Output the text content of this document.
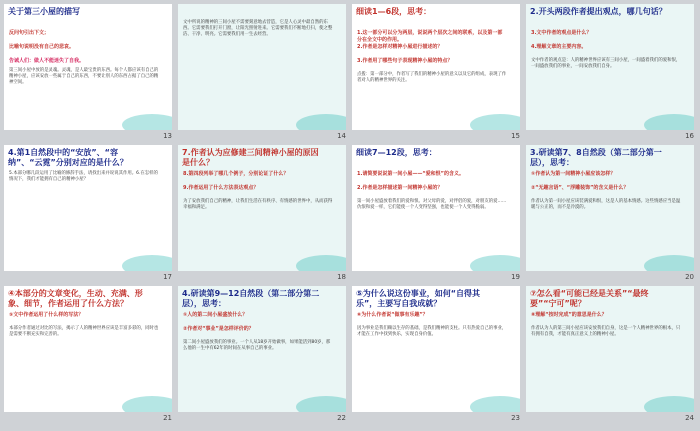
关于第三小屋的描写
反问句引出下文；
比喻句说明没有自己的悲哀。
告诫人们：做人不能迷失了自我。
第三间小屋中放的是灵魂。灵魂，是人最宝贵的东西。每个人都应该有自己的精神小屋，应该安放一些属于自己的东西，不要让别人的东西占据了自己的精神空间。
13
文中所说的精神的三间小屋不需要刻意地去营造，它是人心灵中最自然的东西。它需要我们打开门窗，让阳光照射进来。它需要我们不断地打扫，使之整洁、干净、明亮。它需要我们用一生去经营。
14
细读1—6段，思考：
1.这一部分可以分为两层，说说两个层次之间的联系，以及第一部分在全文中的作用。
2.作者是怎样对精神小屋进行描述的？
3.作者用了哪些句子表现精神小屋的特点？
点拨：第一部分中，作者写了我们的精神小屋的意义以及它的组成，表现了作者对人的精神世界的关注。
15
2.开头两段作者提出观点，哪几句话？
3.文中作者的观点是什么？
4.理解文章的主要内容。
文中作者的观点是：人的精神世界应该有三间小屋，一间盛着我们的爱和恨，一间盛放我们的事业，一间安放我们自身。
16
4.第1自然段中的“安放”、“容纳”、“云霓”分别对应的是什么？
5.本部分哪几段运用了比喻的修辞手法，请找出来并说说其作用。6.在怎样的情况下，我们才能拥有自己的精神小屋？
17
7.作者认为应修建三间精神小屋的原因是什么？
8.第四段列举了哪几个例子，分别论证了什么？
9.作者运用了什么方法表达观点？
为了安放我们自己的精神，让我们生活在有秩序、有情感的世界中，从而获得幸福和满足。
18
细读7—12段，思考：
1.请简要说说第一间小屋——“爱和恨”的含义。
2.作者是怎样描述第一间精神小屋的？
第一间小屋盛放着我们的爱和恨。对父母的爱，对伴侣的爱，对朋友的爱……仇恨和爱一样，它们能使一个人变得坚强，也能使一个人变得脆弱。
19
3.研读第7、8自然段（第二部分第一层），思考：
①作者认为第一间精神小屋应该怎样？
②“无趣言语”、“浮雕装饰”的含义是什么？
作者认为第一间小屋应该装满爱和恨，这是人的基本情感。这些情感应当是温暖与公正的，而不是冷漠的。
20
④本部分的文章变化，生动、充满、形象、细节，作者运用了什么方法？
⑤文中作者运用了什么样的写法？
本部分作者通过对比的写法，揭示了人的精神世界应该是丰富多彩的，同时也是需要不断充实和完善的。
21
4.研读第9—12自然段（第二部分第二层），思考：
①人的第二间小屋盛放什么？
②作者对“事业”是怎样评价的？
第二间小屋盛放我们的事业。一个人从18岁开始做事，如果能活到80岁，那么他的一生中有62年的时间在从事自己的事业。
22
⑤为什么说这份事业，如何“自得其乐”，主要写自我成就？
⑥为什么作者说“做事有乐趣”？
因为事业是我们赖以生存的基础，是我们精神的支柱。只有热爱自己的事业，才能在工作中找到快乐，实现自身价值。
23
⑦怎么看“可能已经是关系”“最终要”“宁可”呢？
⑧理解“按时完成”的意思是什么？
作者认为人的第三间小屋应该安放我们自身，这是一个人精神世界的根本，只有拥有自我，才能有真正意义上的精神小屋。
24
